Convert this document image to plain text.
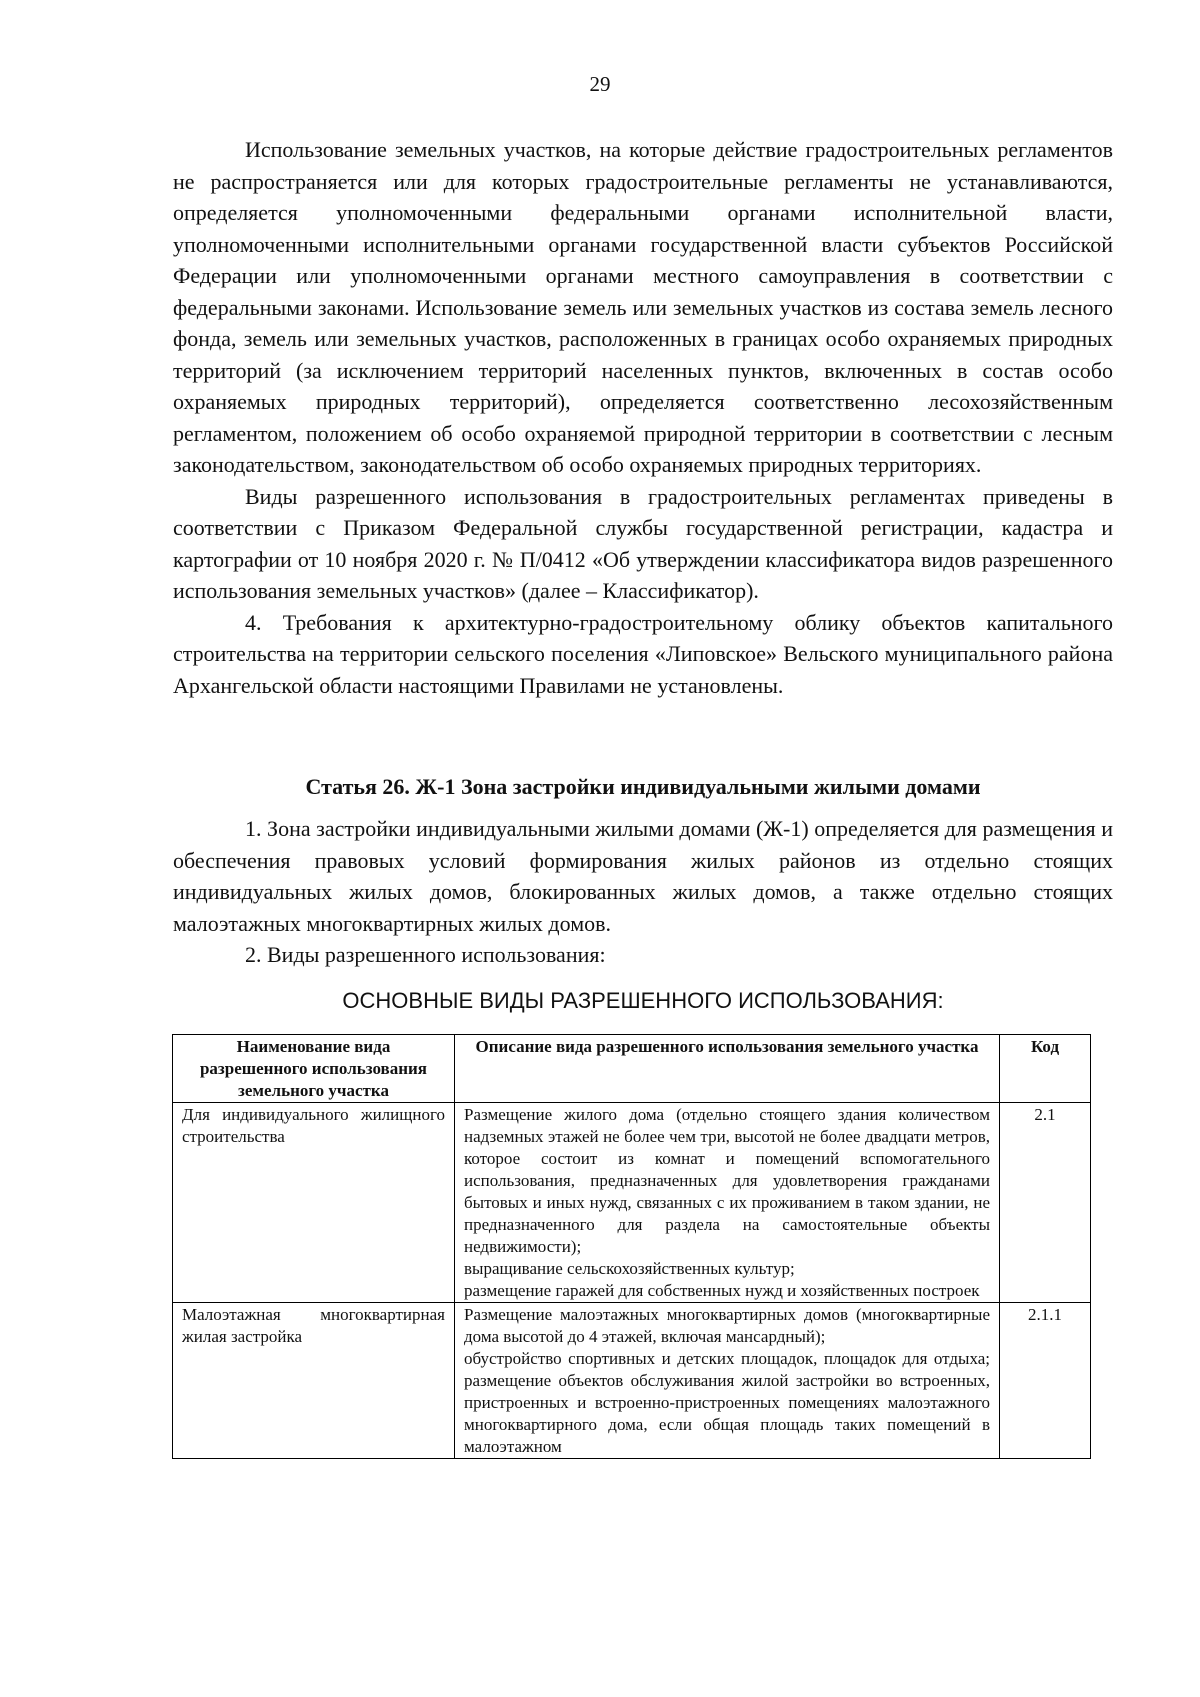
29

Использование земельных участков, на которые действие градостроительных регламентов не распространяется или для которых градостроительные регламенты не устанавливаются, определяется уполномоченными федеральными органами исполнительной власти, уполномоченными исполнительными органами государственной власти субъектов Российской Федерации или уполномоченными органами местного самоуправления в соответствии с федеральными законами. Использование земель или земельных участков из состава земель лесного фонда, земель или земельных участков, расположенных в границах особо охраняемых природных территорий (за исключением территорий населенных пунктов, включенных в состав особо охраняемых природных территорий), определяется соответственно лесохозяйственным регламентом, положением об особо охраняемой природной территории в соответствии с лесным законодательством, законодательством об особо охраняемых природных территориях.

Виды разрешенного использования в градостроительных регламентах приведены в соответствии с Приказом Федеральной службы государственной регистрации, кадастра и картографии от 10 ноября 2020 г. № П/0412 «Об утверждении классификатора видов разрешенного использования земельных участков» (далее – Классификатор).

4. Требования к архитектурно-градостроительному облику объектов капитального строительства на территории сельского поселения «Липовское» Вельского муниципального района Архангельской области настоящими Правилами не установлены.

Статья 26. Ж-1 Зона застройки индивидуальными жилыми домами

1. Зона застройки индивидуальными жилыми домами (Ж-1) определяется для размещения и обеспечения правовых условий формирования жилых районов из отдельно стоящих индивидуальных жилых домов, блокированных жилых домов, а также отдельно стоящих малоэтажных многоквартирных жилых домов.

2. Виды разрешенного использования:

ОСНОВНЫЕ ВИДЫ РАЗРЕШЕННОГО ИСПОЛЬЗОВАНИЯ:
Наименование вида разрешенного использования земельного участка	Описание вида разрешенного использования земельного участка	Код
Для индивидуального жилищного строительства	Размещение жилого дома (отдельно стоящего здания количеством надземных этажей не более чем три, высотой не более двадцати метров, которое состоит из комнат и помещений вспомогательного использования, предназначенных для удовлетворения гражданами бытовых и иных нужд, связанных с их проживанием в таком здании, не предназначенного для раздела на самостоятельные объекты недвижимости);
выращивание сельскохозяйственных культур;
размещение гаражей для собственных нужд и хозяйственных построек	2.1
Малоэтажная многоквартирная жилая застройка	Размещение малоэтажных многоквартирных домов (многоквартирные дома высотой до 4 этажей, включая мансардный);
обустройство спортивных и детских площадок, площадок для отдыха; размещение объектов обслуживания жилой застройки во встроенных, пристроенных и встроенно-пристроенных помещениях малоэтажного многоквартирного дома, если общая площадь таких помещений в малоэтажном	2.1.1
